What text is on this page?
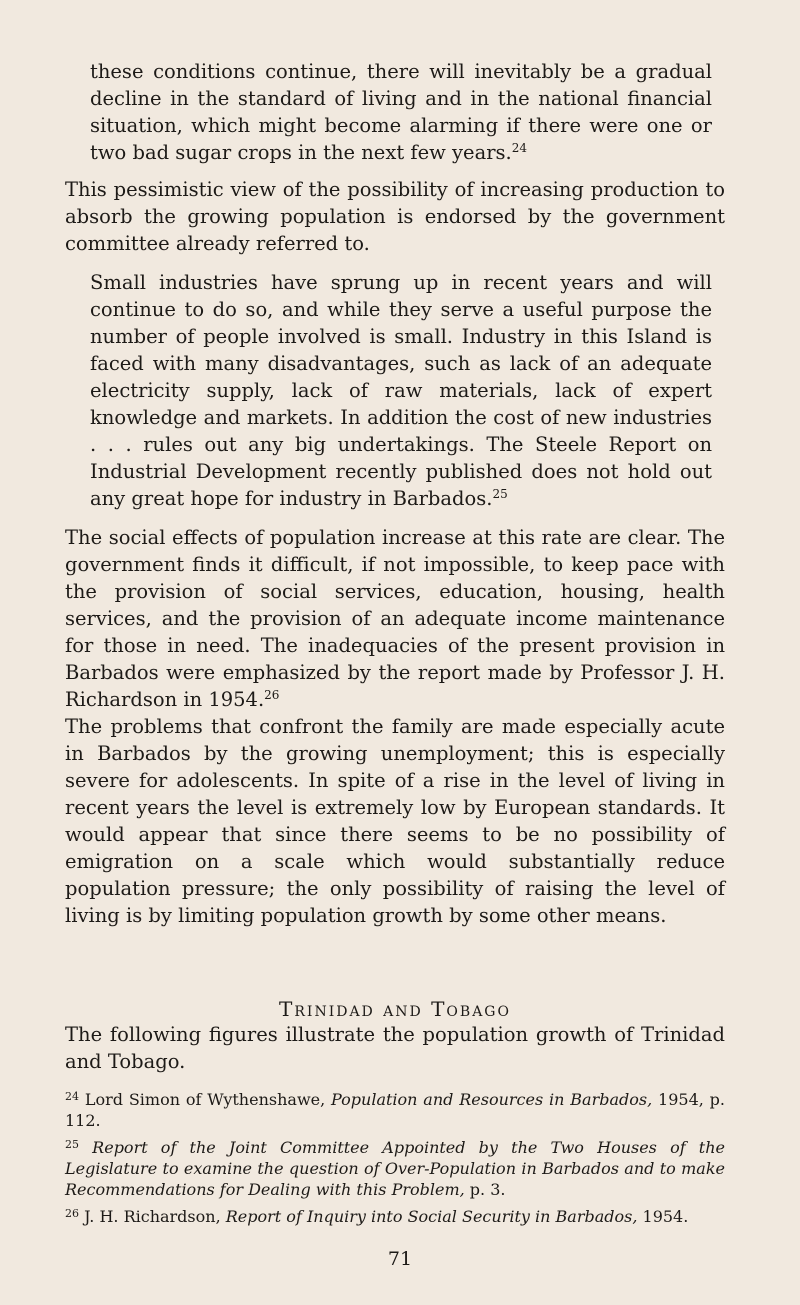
these conditions continue, there will inevitably be a gradual decline in the standard of living and in the national financial situation, which might become alarming if there were one or two bad sugar crops in the next few years.$^{24}$

This pessimistic view of the possibility of increasing production to absorb the growing population is endorsed by the government committee already referred to.

Small industries have sprung up in recent years and will continue to do so, and while they serve a useful purpose the number of people involved is small. Industry in this Island is faced with many disadvantages, such as lack of an adequate electricity supply, lack of raw materials, lack of expert knowledge and markets. In addition the cost of new industries . . . rules out any big undertakings. The Steele Report on Industrial Development recently published does not hold out any great hope for industry in Barbados.$^{25}$

The social effects of population increase at this rate are clear. The government finds it difficult, if not impossible, to keep pace with the provision of social services, education, housing, health services, and the provision of an adequate income maintenance for those in need. The inadequacies of the present provision in Barbados were emphasized by the report made by Professor J. H. Richardson in 1954.26

The problems that confront the family are made especially acute in Barbados by the growing unemployment; this is especially severe for adolescents. In spite of a rise in the level of living in recent years the level is extremely low by European standards. It would appear that since there seems to be no possibility of emigration on a scale which would substantially reduce population pressure; the only possibility of raising the level of living is by limiting population growth by some other means.

Trinidad and Tobago

The following figures illustrate the population growth of Trinidad and Tobago.

$^{24}$ Lord Simon of Wythenshawe, Population and Resources in Barbados, 1954, p. 112.

$^{25}$ Report of the Joint Committee Appointed by the Two Houses of the Legislature to examine the question of Over-Population in Barbados and to make Recommendations for Dealing with this Problem, p. 3.

$^{26}$ J. H. Richardson, Report of Inquiry into Social Security in Barbados, 1954.

71
